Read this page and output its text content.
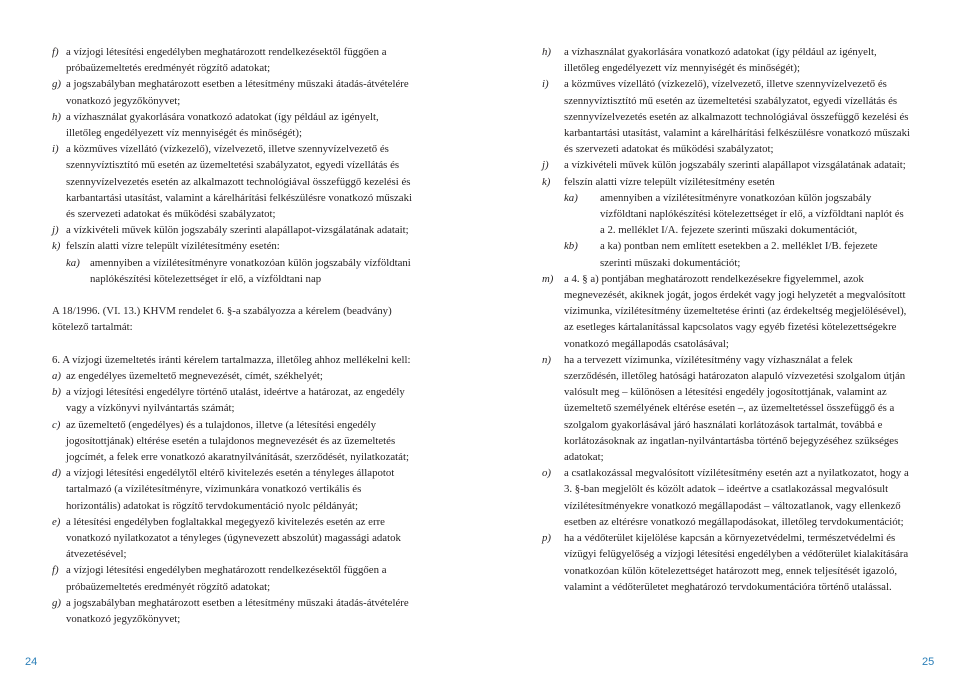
f) a vízjogi létesítési engedélyben meghatározott rendelkezésektől függően a próbaüzemeltetés eredményét rögzítő adatokat;
g) a jogszabályban meghatározott esetben a létesítmény műszaki átadás-átvételére vonatkozó jegyzőkönyvet;
h) a vízhasználat gyakorlására vonatkozó adatokat (így például az igényelt, illetőleg engedélyezett víz mennyiségét és minőségét);
i) a közműves vízellátó (vízkezelő), vízelvezető, illetve szennyvízelvezető és szennyvíztisztító mű esetén az üzemeltetési szabályzatot, egyedi vízellátás és szennyvízelvezetés esetén az alkalmazott technológiával összefüggő kezelési és karbantartási utasítást, valamint a kárelhárítási felkészülésre vonatkozó műszaki és szervezeti adatokat és működési szabályzatot;
j) a vízkivételi művek külön jogszabály szerinti alapállapot-vizsgálatának adatait;
k) felszín alatti vízre települt vízilétesítmény esetén:
ka) amennyiben a vízilétesítményre vonatkozóan külön jogszabály vízföldtani naplókészítési kötelezettséget ír elő, a vízföldtani nap
A 18/1996. (VI. 13.) KHVM rendelet 6. §-a szabályozza a kérelem (beadvány) kötelező tartalmát:
6. A vízjogi üzemeltetés iránti kérelem tartalmazza, illetőleg ahhoz mellékelni kell:
a) az engedélyes üzemeltető megnevezését, címét, székhelyét;
b) a vízjogi létesítési engedélyre történő utalást, ideértve a határozat, az engedély vagy a vízkönyvi nyilvántartás számát;
c) az üzemeltető (engedélyes) és a tulajdonos, illetve (a létesítési engedély jogosítottjának) eltérése esetén a tulajdonos megnevezését és az üzemeltetés jogcímét, a felek erre vonatkozó akaratnyilvánítását, szerződését, nyilatkozatát;
d) a vízjogi létesítési engedélytől eltérő kivitelezés esetén a tényleges állapotot tartalmazó (a vízilétesítményre, vízimunkára vonatkozó vertikális és horizontális) adatokat is rögzítő tervdokumentáció nyolc példányát;
e) a létesítési engedélyben foglaltakkal megegyező kivitelezés esetén az erre vonatkozó nyilatkozatot a tényleges (úgynevezett abszolút) magassági adatok átvezetésével;
f) a vízjogi létesítési engedélyben meghatározott rendelkezésektől függően a próbaüzemeltetés eredményét rögzítő adatokat;
g) a jogszabályban meghatározott esetben a létesítmény műszaki átadás-átvételére vonatkozó jegyzőkönyvet;
h) a vízhasználat gyakorlására vonatkozó adatokat (így például az igényelt, illetőleg engedélyezett víz mennyiségét és minőségét);
i) a közműves vízellátó (vízkezelő), vízelvezető, illetve szennyvízelvezető és szennyvíztisztító mű esetén az üzemeltetési szabályzatot, egyedi vízellátás és szennyvízelvezetés esetén az alkalmazott technológiával összefüggő kezelési és karbantartási utasítást, valamint a kárelhárítási felkészülésre vonatkozó műszaki és szervezeti adatokat és működési szabályzatot;
j) a vízkivételi művek külön jogszabály szerinti alapállapot vizsgálatának adatait;
k) felszín alatti vízre települt vízilétesítmény esetén
ka) amennyiben a vízilétesítményre vonatkozóan külön jogszabály vízföldtani naplókészítési kötelezettséget ír elő, a vízföldtani naplót és a 2. melléklet I/A. fejezete szerinti műszaki dokumentációt,
kb) a ka) pontban nem említett esetekben a 2. melléklet I/B. fejezete szerinti műszaki dokumentációt;
m) a 4. § a) pontjában meghatározott rendelkezésekre figyelemmel, azok megnevezését, akiknek jogát, jogos érdekét vagy jogi helyzetét a megvalósított vízimunka, vízilétesítmény üzemeltetése érinti (az érdekeltség megjelölésével), az esetleges kártalanítással kapcsolatos vagy egyéb fizetési kötelezettségekre vonatkozó megállapodás csatolásával;
n) ha a tervezett vízimunka, vízilétesítmény vagy vízhasználat a felek szerződésén, illetőleg hatósági határozaton alapuló vízvezetési szolgalom útján valósult meg – különösen a létesítési engedély jogosítottjának, valamint az üzemeltető személyének eltérése esetén –, az üzemeltetéssel összefüggő és a szolgalom gyakorlásával járó használati korlátozások tartalmát, továbbá e korlátozásoknak az ingatlan-nyilvántartásba történő bejegyzéséhez szükséges adatokat;
o) a csatlakozással megvalósított vízilétesítmény esetén azt a nyilatkozatot, hogy a 3. §-ban megjelölt és közölt adatok – ideértve a csatlakozással megvalósult vízilétesítményekre vonatkozó megállapodást – változatlanok, vagy ellenkező esetben az eltérésre vonatkozó megállapodásokat, illetőleg tervdokumentációt;
p) ha a védőterület kijelölése kapcsán a környezetvédelmi, természetvédelmi és vízügyi felügyelőség a vízjogi létesítési engedélyben a védőterület kialakítására vonatkozóan külön kötelezettséget határozott meg, ennek teljesítését igazoló, valamint a védőterületet meghatározó tervdokumentációra történő utalással.
24	25
